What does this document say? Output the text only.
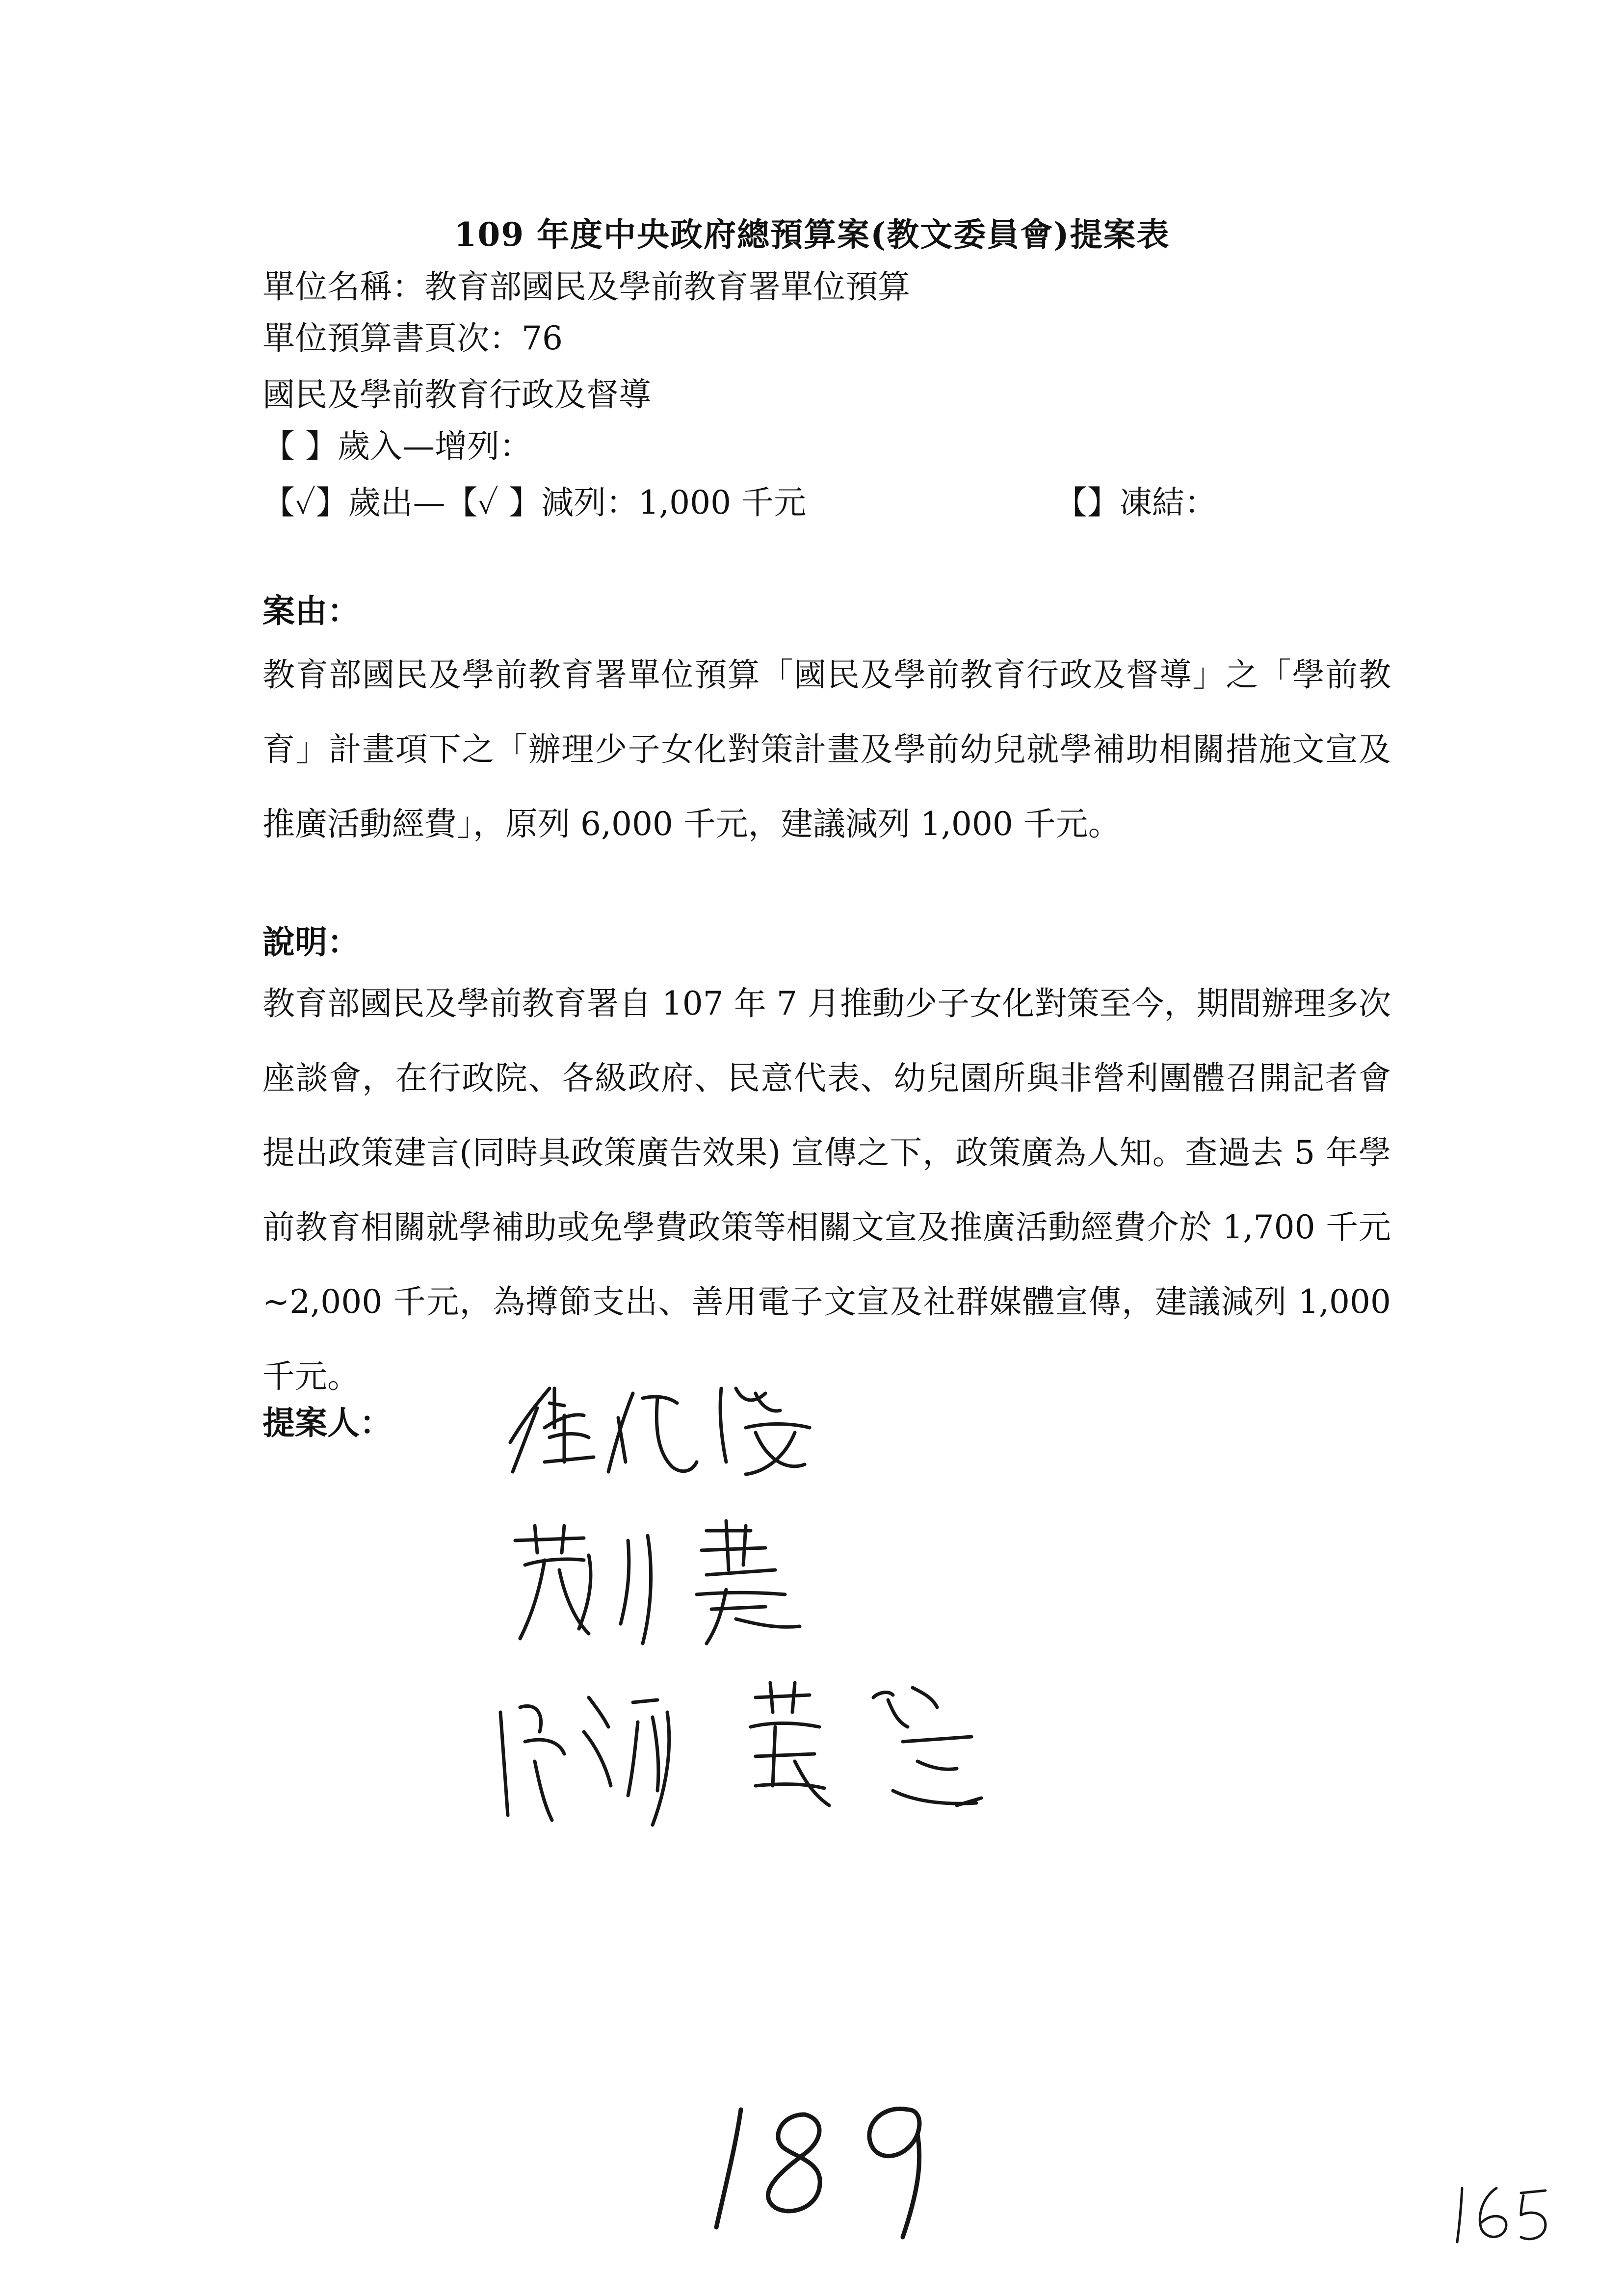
109 年度中央政府總預算案(教文委員會)提案表
單位名稱：教育部國民及學前教育署單位預算
單位預算書頁次：76
國民及學前教育行政及督導
【 】歲入—增列：
【✓】歲出—【✓ 】減列：1,000 千元	【】凍結：
案由：
教育部國民及學前教育署單位預算「國民及學前教育行政及督導」之「學前教育」計畫項下之「辦理少子女化對策計畫及學前幼兒就學補助相關措施文宣及推廣活動經費」，原列 6,000 千元，建議減列 1,000 千元。
說明：
教育部國民及學前教育署自 107 年 7 月推動少子女化對策至今，期間辦理多次座談會，在行政院、各級政府、民意代表、幼兒園所與非營利團體召開記者會提出政策建言(同時具政策廣告效果) 宣傳之下，政策廣為人知。查過去 5 年學前教育相關就學補助或免學費政策等相關文宣及推廣活動經費介於 1,700 千元~2,000 千元，為撙節支出、善用電子文宣及社群媒體宣傳，建議減列 1,000 千元。
提案人：
